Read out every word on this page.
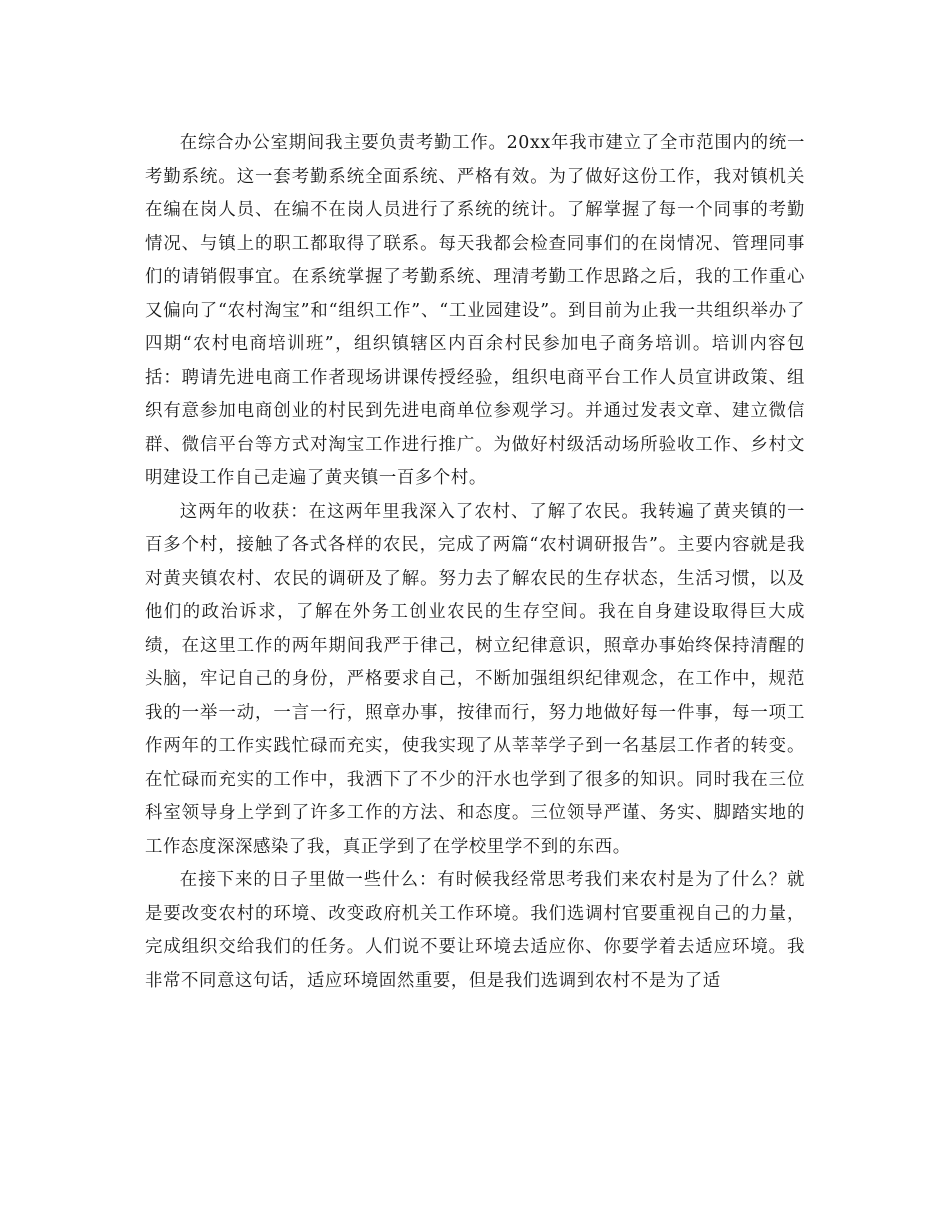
在综合办公室期间我主要负责考勤工作。20xx年我市建立了全市范围内的统一考勤系统。这一套考勤系统全面系统、严格有效。为了做好这份工作，我对镇机关在编在岗人员、在编不在岗人员进行了系统的统计。了解掌握了每一个同事的考勤情况、与镇上的职工都取得了联系。每天我都会检查同事们的在岗情况、管理同事们的请销假事宜。在系统掌握了考勤系统、理清考勤工作思路之后，我的工作重心又偏向了“农村淘宝”和“组织工作”、“工业园建设”。到目前为止我一共组织举办了四期“农村电商培训班”，组织镇辖区内百余村民参加电子商务培训。培训内容包括：聘请先进电商工作者现场讲课传授经验，组织电商平台工作人员宣讲政策、组织有意参加电商创业的村民到先进电商单位参观学习。并通过发表文章、建立微信群、微信平台等方式对淘宝工作进行推广。为做好村级活动场所验收工作、乡村文明建设工作自己走遍了黄夹镇一百多个村。

这两年的收获：在这两年里我深入了农村、了解了农民。我转遍了黄夹镇的一百多个村，接触了各式各样的农民，完成了两篇“农村调研报告”。主要内容就是我对黄夹镇农村、农民的调研及了解。努力去了解农民的生存状态，生活习惯，以及他们的政治诉求，了解在外务工创业农民的生存空间。我在自身建设取得巨大成绩，在这里工作的两年期间我严于律己，树立纪律意识，照章办事始终保持清醒的头脑，牢记自己的身份，严格要求自己，不断加强组织纪律观念，在工作中，规范我的一举一动，一言一行，照章办事，按律而行，努力地做好每一件事，每一项工作两年的工作实践忙碌而充实，使我实现了从莘莘学子到一名基层工作者的转变。在忙碌而充实的工作中，我洒下了不少的汗水也学到了很多的知识。同时我在三位科室领导身上学到了许多工作的方法、和态度。三位领导严谨、务实、脚踏实地的工作态度深深感染了我，真正学到了在学校里学不到的东西。

在接下来的日子里做一些什么：有时候我经常思考我们来农村是为了什么？就是要改变农村的环境、改变政府机关工作环境。我们选调村官要重视自己的力量，完成组织交给我们的任务。人们说不要让环境去适应你、你要学着去适应环境。我非常不同意这句话，适应环境固然重要，但是我们选调到农村不是为了适
